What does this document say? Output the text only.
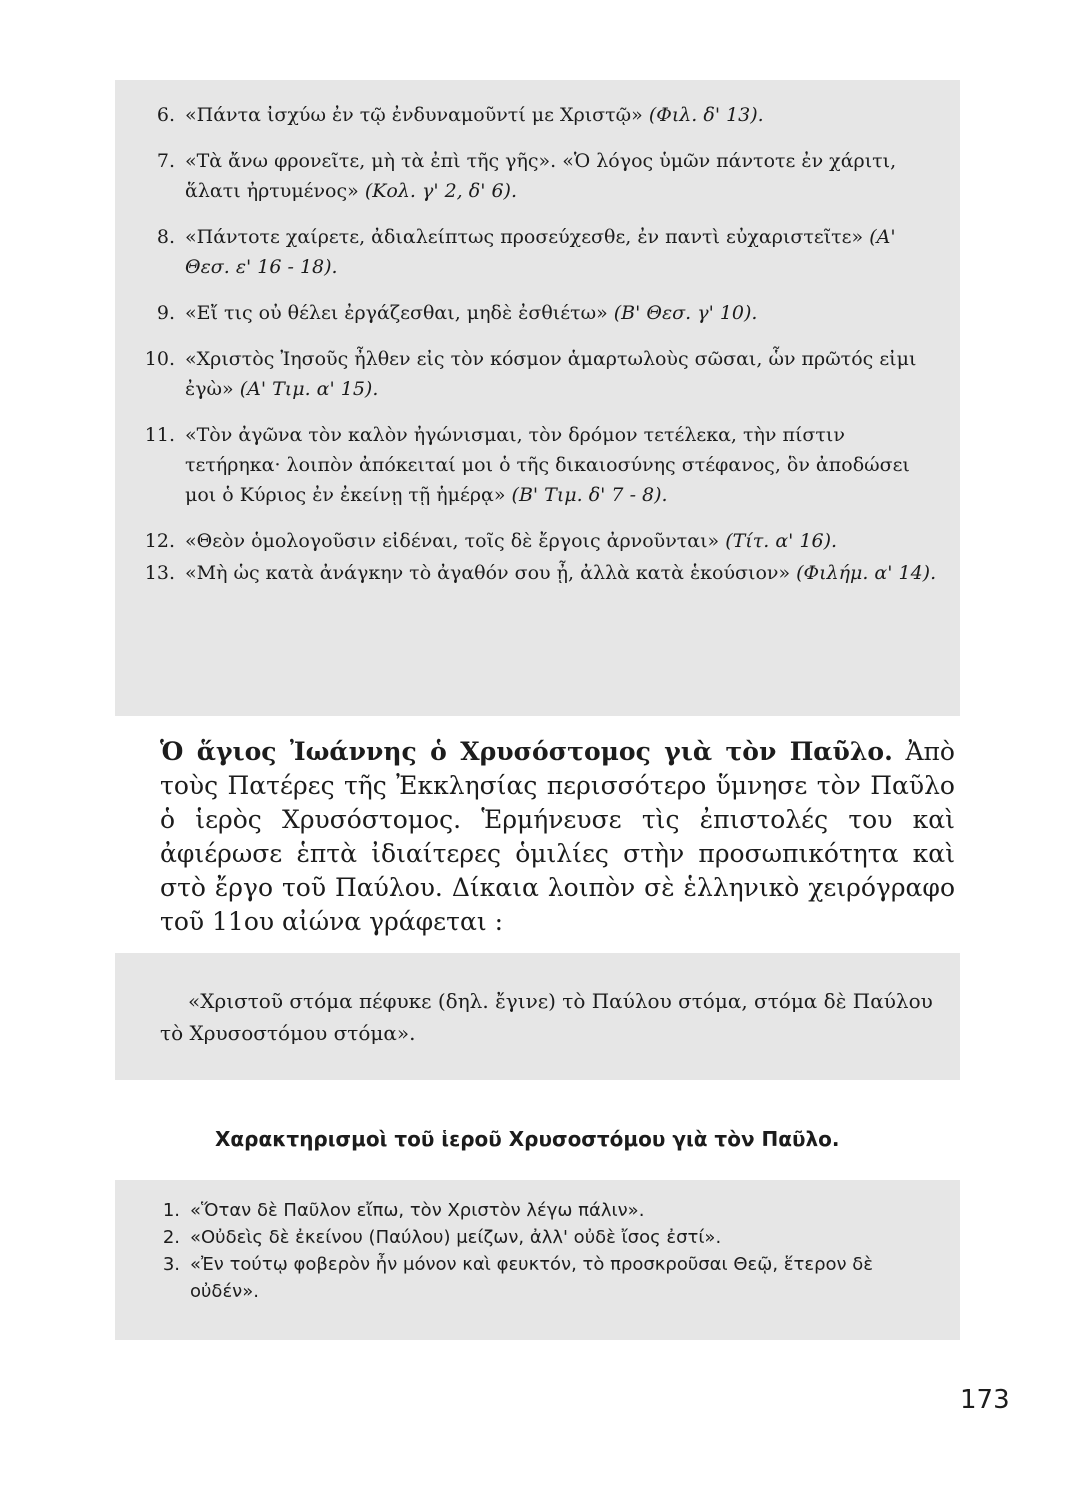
6. «Πάντα ἰσχύω ἐν τῷ ἐνδυναμοῦντί με Χριστῷ» (Φιλ. δ' 13).
7. «Τὰ ἄνω φρονεῖτε, μὴ τὰ ἐπὶ τῆς γῆς». «Ὁ λόγος ὑμῶν πάντοτε ἐν χάριτι, ἅλατι ἠρτυμένος» (Κολ. γ' 2, δ' 6).
8. «Πάντοτε χαίρετε, ἀδιαλείπτως προσεύχεσθε, ἐν παντὶ εὐχαριστεῖτε» (Α' Θεσ. ε' 16 - 18).
9. «Εἴ τις οὐ θέλει ἐργάζεσθαι, μηδὲ ἐσθιέτω» (Β' Θεσ. γ' 10).
10. «Χριστὸς Ἰησοῦς ἦλθεν εἰς τὸν κόσμον ἁμαρτωλοὺς σῶσαι, ὧν πρῶτός εἰμι ἐγὼ» (Α' Τιμ. α' 15).
11. «Τὸν ἀγῶνα τὸν καλὸν ἠγώνισμαι, τὸν δρόμον τετέλεκα, τὴν πίστιν τετήρηκα· λοιπὸν ἀπόκειταί μοι ὁ τῆς δικαιοσύνης στέφανος, ὃν ἀποδώσει μοι ὁ Κύριος ἐν ἐκείνῃ τῇ ἡμέρᾳ» (Β' Τιμ. δ' 7 - 8).
12. «Θεὸν ὁμολογοῦσιν εἰδέναι, τοῖς δὲ ἔργοις ἀρνοῦνται» (Τίτ. α' 16).
13. «Μὴ ὡς κατὰ ἀνάγκην τὸ ἀγαθόν σου ᾖ, ἀλλὰ κατὰ ἑκούσιον» (Φιλήμ. α' 14).

Ὁ ἅγιος Ἰωάννης ὁ Χρυσόστομος γιὰ τὸν Παῦλο. Ἀπὸ τοὺς Πατέρες τῆς Ἐκκλησίας περισσότερο ὕμνησε τὸν Παῦλο ὁ ἱερὸς Χρυσόστομος. Ἑρμήνευσε τὶς ἐπιστολές του καὶ ἀφιέρωσε ἑπτὰ ἰδιαίτερες ὁμιλίες στὴν προσωπικότητα καὶ στὸ ἔργο τοῦ Παύλου. Δίκαια λοιπὸν σὲ ἑλληνικὸ χειρόγραφο τοῦ 11ου αἰώνα γράφεται :

«Χριστοῦ στόμα πέφυκε (δηλ. ἔγινε) τὸ Παύλου στόμα, στόμα δὲ Παύλου
τὸ Χρυσοστόμου στόμα».

Χαρακτηρισμοὶ τοῦ ἱεροῦ Χρυσοστόμου γιὰ τὸν Παῦλο.
1. «Ὅταν δὲ Παῦλον εἴπω, τὸν Χριστὸν λέγω πάλιν».
2. «Οὐδεὶς δὲ ἐκείνου (Παύλου) μείζων, ἀλλ' οὐδὲ ἴσος ἐστί».
3. «Ἐν τούτῳ φοβερὸν ἦν μόνον καὶ φευκτόν, τὸ προσκροῦσαι Θεῷ, ἕτερον δὲ οὐδέν».
173
